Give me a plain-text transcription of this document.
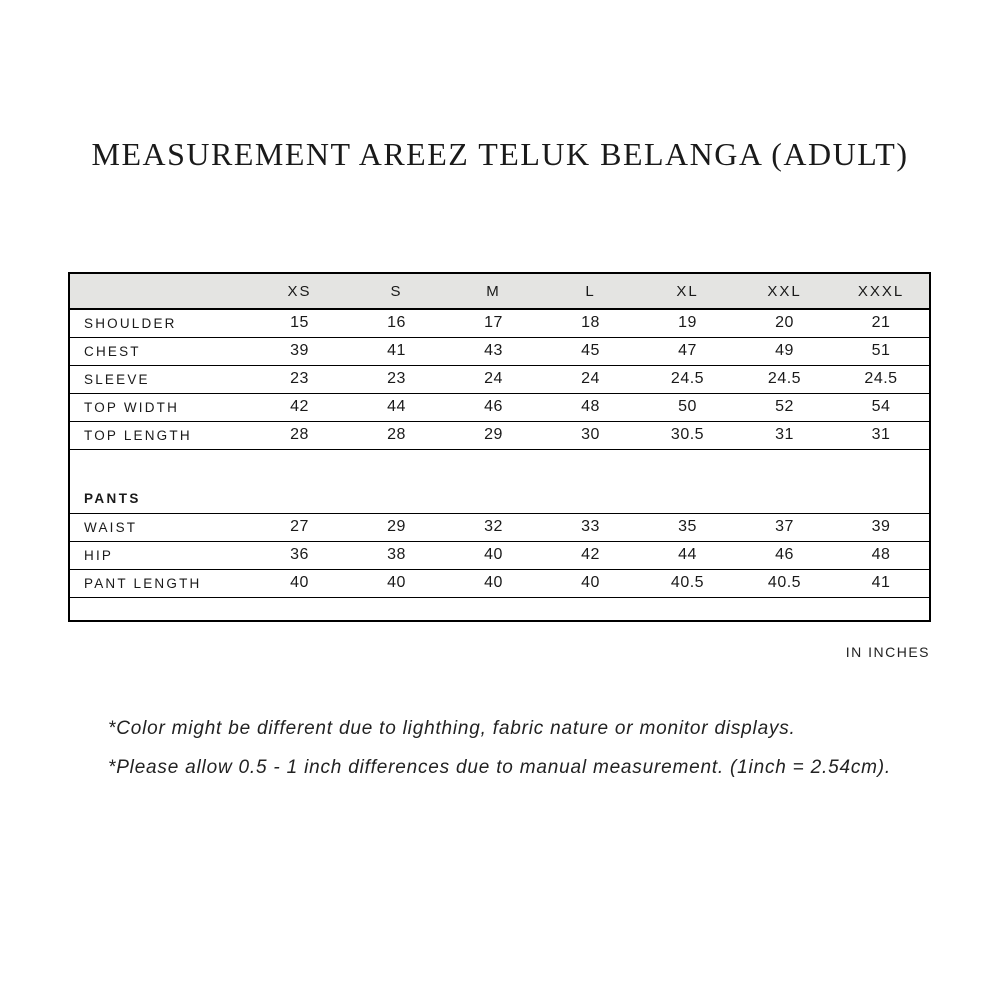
MEASUREMENT AREEZ TELUK BELANGA (ADULT)
	XS	S	M	L	XL	XXL	XXXL
SHOULDER	15	16	17	18	19	20	21
CHEST	39	41	43	45	47	49	51
SLEEVE	23	23	24	24	24.5	24.5	24.5
TOP WIDTH	42	44	46	48	50	52	54
TOP LENGTH	28	28	29	30	30.5	31	31
PANTS							
WAIST	27	29	32	33	35	37	39
HIP	36	38	40	42	44	46	48
PANT LENGTH	40	40	40	40	40.5	40.5	41

IN INCHES
*Color might be different due to lighthing, fabric nature or monitor displays.
*Please allow 0.5 - 1 inch differences due to manual measurement. (1inch = 2.54cm).
